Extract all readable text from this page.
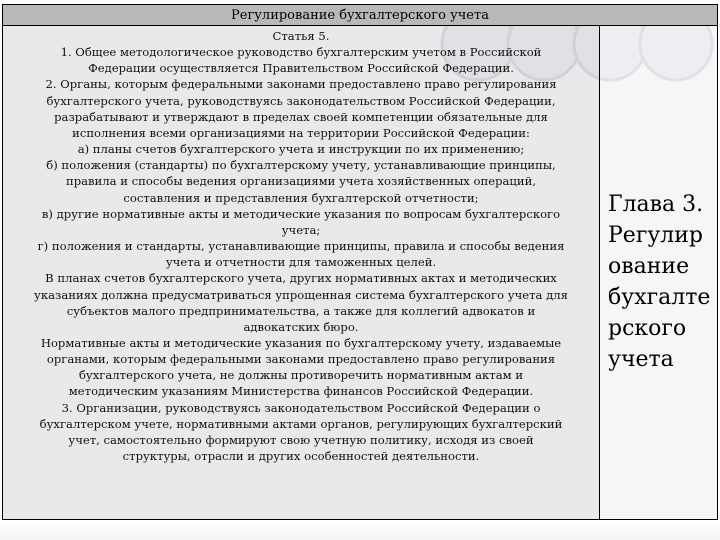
Регулирование бухгалтерского учета

Статья 5.

1. Общее методологическое руководство бухгалтерским учетом в Российской

Федерации осуществляется Правительством Российской Федерации.

2. Органы, которым федеральными законами предоставлено право регулирования

бухгалтерского учета, руководствуясь законодательством Российской Федерации,

разрабатывают и утверждают в пределах своей компетенции обязательные для

исполнения всеми организациями на территории Российской Федерации:

а) планы счетов бухгалтерского учета и инструкции по их применению;

б) положения (стандарты) по бухгалтерскому учету, устанавливающие принципы,

правила и способы ведения организациями учета хозяйственных операций,

составления и представления бухгалтерской отчетности;

в) другие нормативные акты и методические указания по вопросам бухгалтерского

учета;

г) положения и стандарты, устанавливающие принципы, правила и способы ведения

учета и отчетности для таможенных целей.

В планах счетов бухгалтерского учета, других нормативных актах и методических

указаниях должна предусматриваться упрощенная система бухгалтерского учета для

субъектов малого предпринимательства, а также для коллегий адвокатов и

адвокатских бюро.

Нормативные акты и методические указания по бухгалтерскому учету, издаваемые

органами, которым федеральными законами предоставлено право регулирования

бухгалтерского учета, не должны противоречить нормативным актам и

методическим указаниям Министерства финансов Российской Федерации.

3. Организации, руководствуясь законодательством Российской Федерации о

бухгалтерском учете, нормативными актами органов, регулирующих бухгалтерский

учет, самостоятельно формируют свою учетную политику, исходя из своей

структуры, отрасли и других особенностей деятельности.

Глава 3.
Регулир
ование
бухгалте
рского
учета
